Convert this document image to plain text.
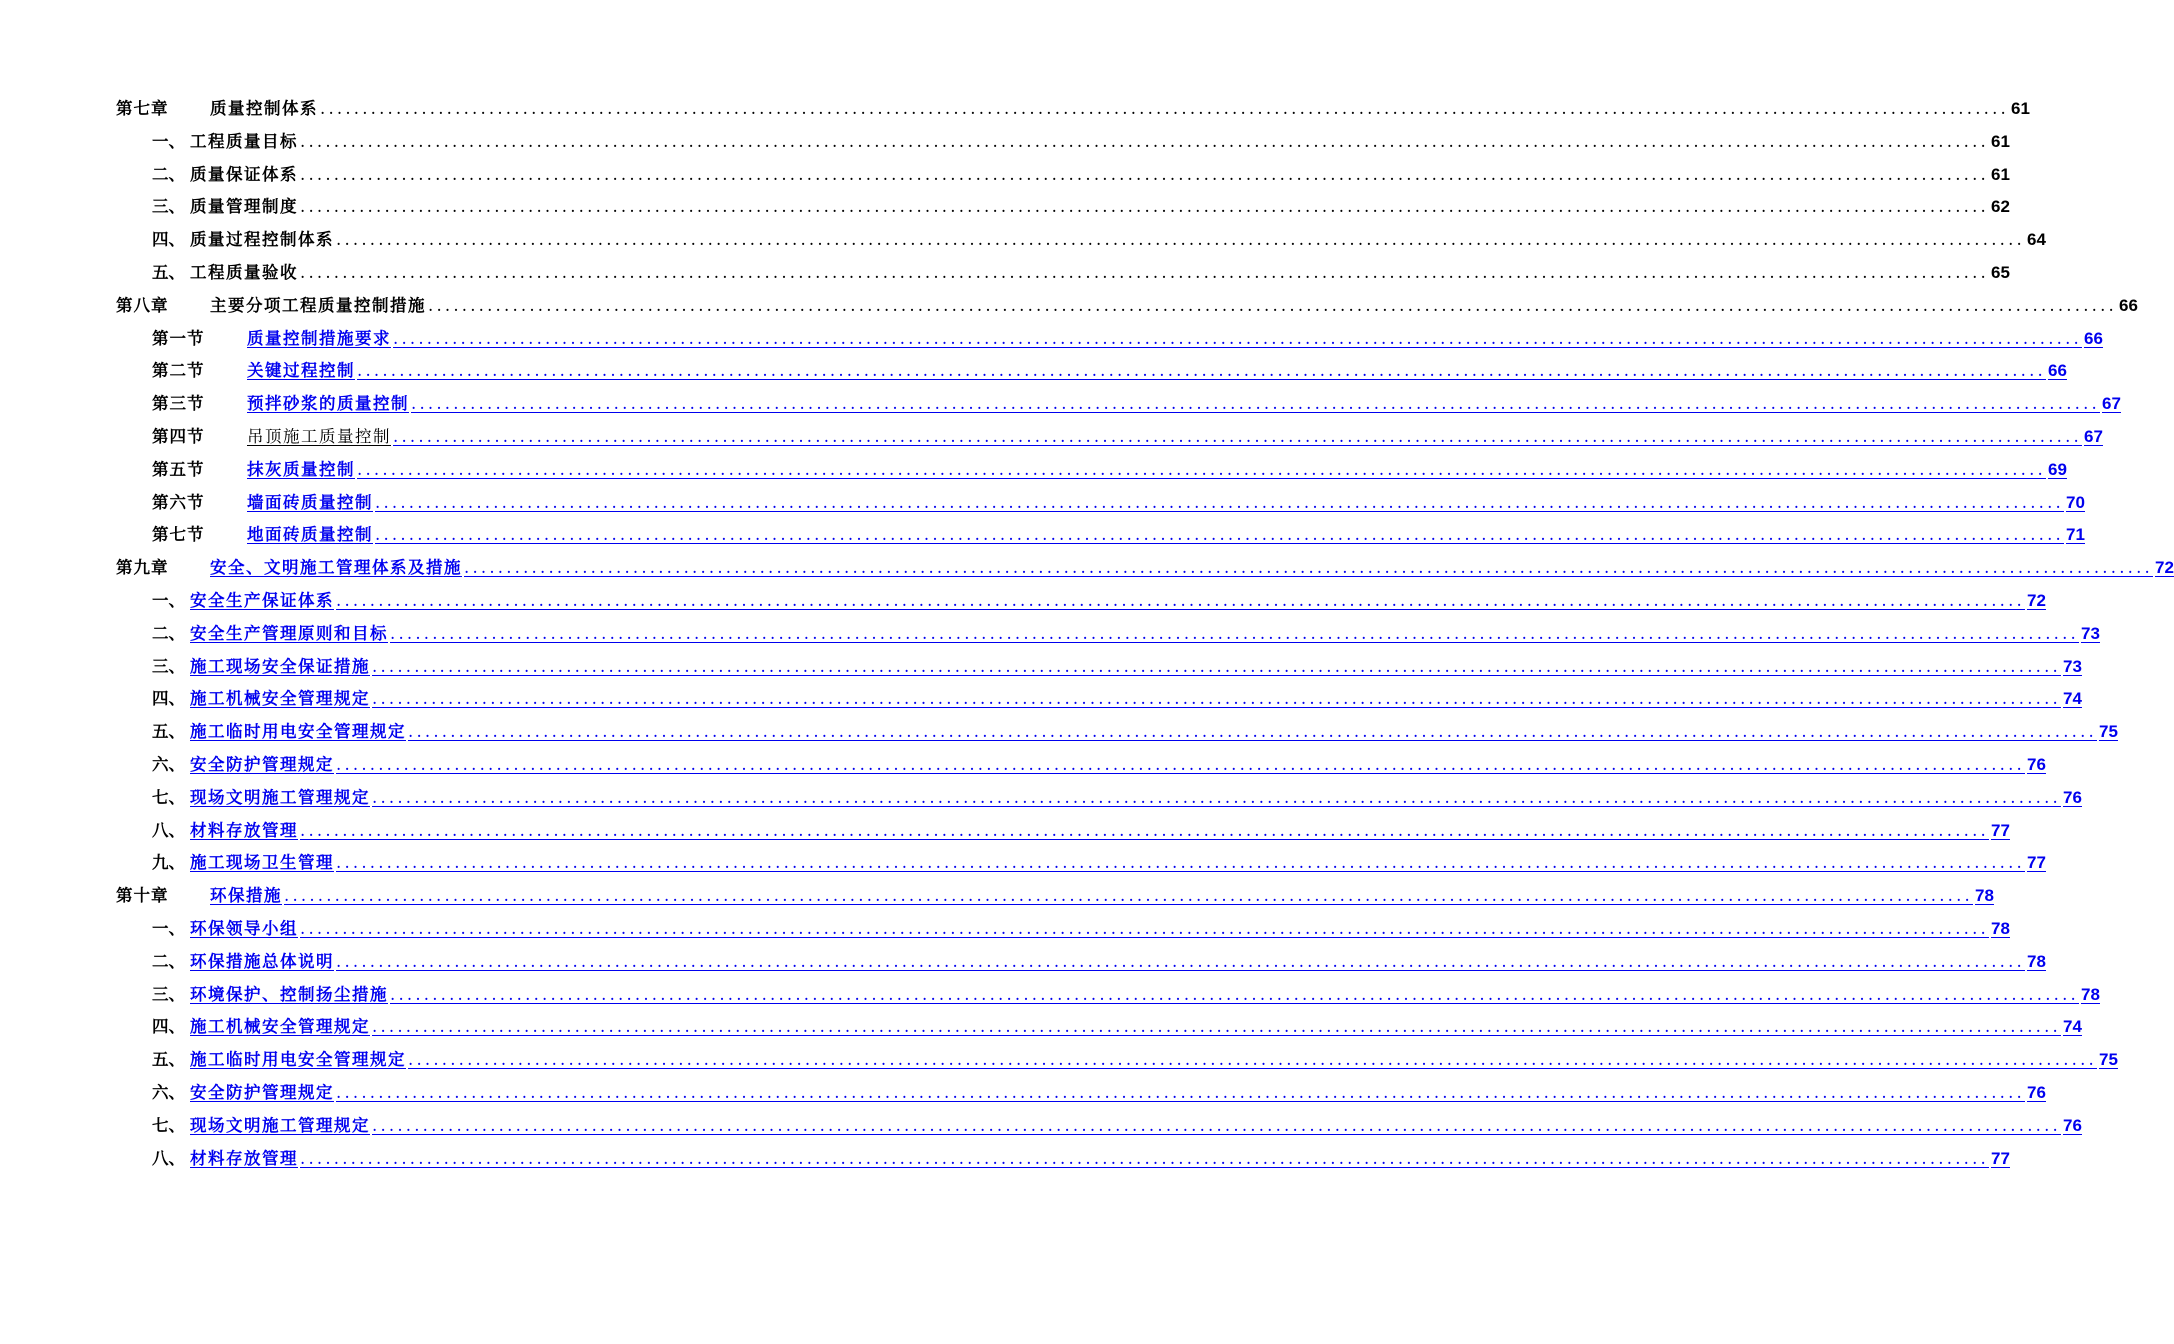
第七章	质量控制体系 ........................................................................................................................................................................................................ 61
一、 工程质量目标 ........................................................................................................................................................................................................ 61
二、 质量保证体系 ........................................................................................................................................................................................................ 61
三、 质量管理制度 ........................................................................................................................................................................................................ 62
四、 质量过程控制体系 ........................................................................................................................................................................................................ 64
五、 工程质量验收 ........................................................................................................................................................................................................ 65
第八章	主要分项工程质量控制措施 ........................................................................................................................................................................................................ 66
第一节	质量控制措施要求 ........................................................................................................................................................................................................ 66
第二节	关键过程控制 ........................................................................................................................................................................................................ 66
第三节	预拌砂浆的质量控制 ........................................................................................................................................................................................................ 67
第四节	吊顶施工质量控制 ........................................................................................................................................................................................................ 67
第五节	抹灰质量控制 ........................................................................................................................................................................................................ 69
第六节	墙面砖质量控制 ........................................................................................................................................................................................................ 70
第七节	地面砖质量控制 ........................................................................................................................................................................................................ 71
第九章	安全、文明施工管理体系及措施 ........................................................................................................................................................................................................ 72
一、 安全生产保证体系 ........................................................................................................................................................................................................ 72
二、 安全生产管理原则和目标 ........................................................................................................................................................................................................ 73
三、 施工现场安全保证措施 ........................................................................................................................................................................................................ 73
四、 施工机械安全管理规定 ........................................................................................................................................................................................................ 74
五、 施工临时用电安全管理规定 ........................................................................................................................................................................................................ 75
六、 安全防护管理规定 ........................................................................................................................................................................................................ 76
七、 现场文明施工管理规定 ........................................................................................................................................................................................................ 76
八、 材料存放管理 ........................................................................................................................................................................................................ 77
九、 施工现场卫生管理 ........................................................................................................................................................................................................ 77
第十章	环保措施 ........................................................................................................................................................................................................ 78
一、 环保领导小组 ........................................................................................................................................................................................................ 78
二、 环保措施总体说明 ........................................................................................................................................................................................................ 78
三、 环境保护、控制扬尘措施 ........................................................................................................................................................................................................ 78
四、 施工机械安全管理规定 ........................................................................................................................................................................................................ 74
五、 施工临时用电安全管理规定 ........................................................................................................................................................................................................ 75
六、 安全防护管理规定 ........................................................................................................................................................................................................ 76
七、 现场文明施工管理规定 ........................................................................................................................................................................................................ 76
八、 材料存放管理 ........................................................................................................................................................................................................ 77
